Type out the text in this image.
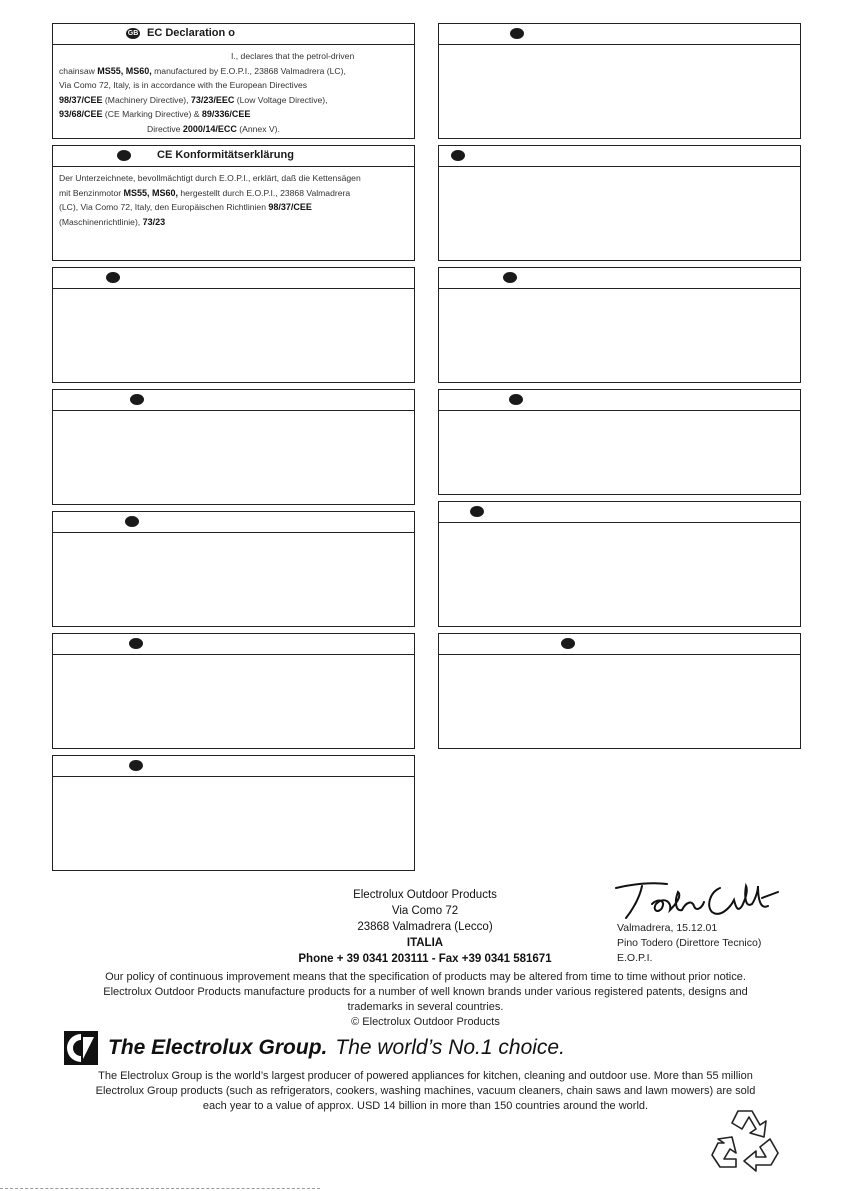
GB EC Declaration o
I., declares that the petrol-driven
chainsaw MS55, MS60, manufactured by E.O.P.I., 23868 Valmadrera (LC),
Via Como 72, Italy, is in accordance with the European Directives
98/37/CEE (Machinery Directive), 73/23/EEC (Low Voltage Directive),
93/68/CEE (CE Marking Directive) & 89/336/CEE
Directive 2000/14/ECC (Annex V).
CE Konformitätserklärung
Der Unterzeichnete, bevollmächtigt durch E.O.P.I., erklärt, daß die Kettensägen
mit Benzinmotor MS55, MS60, hergestellt durch E.O.P.I., 23868 Valmadrera
(LC), Via Como 72, Italy, den Europäischen Richtlinien 98/37/CEE
(Maschinenrichtlinie), 73/23
Electrolux Outdoor Products
Via Como 72
23868 Valmadrera (Lecco)
ITALIA
Phone + 39 0341 203111 - Fax +39 0341 581671
Valmadrera, 15.12.01
Pino Todero (Direttore Tecnico)
E.O.P.I.
Our policy of continuous improvement means that the specification of products may be altered from time to time without prior notice.
Electrolux Outdoor Products manufacture products for a number of well known brands under various registered patents, designs and
trademarks in several countries.
© Electrolux Outdoor Products
The Electrolux Group. The world’s No.1 choice.
The Electrolux Group is the world’s largest producer of powered appliances for kitchen, cleaning and outdoor use. More than 55 million
Electrolux Group products (such as refrigerators, cookers, washing machines, vacuum cleaners, chain saws and lawn mowers) are sold
each year to a value of approx. USD 14 billion in more than 150 countries around the world.
